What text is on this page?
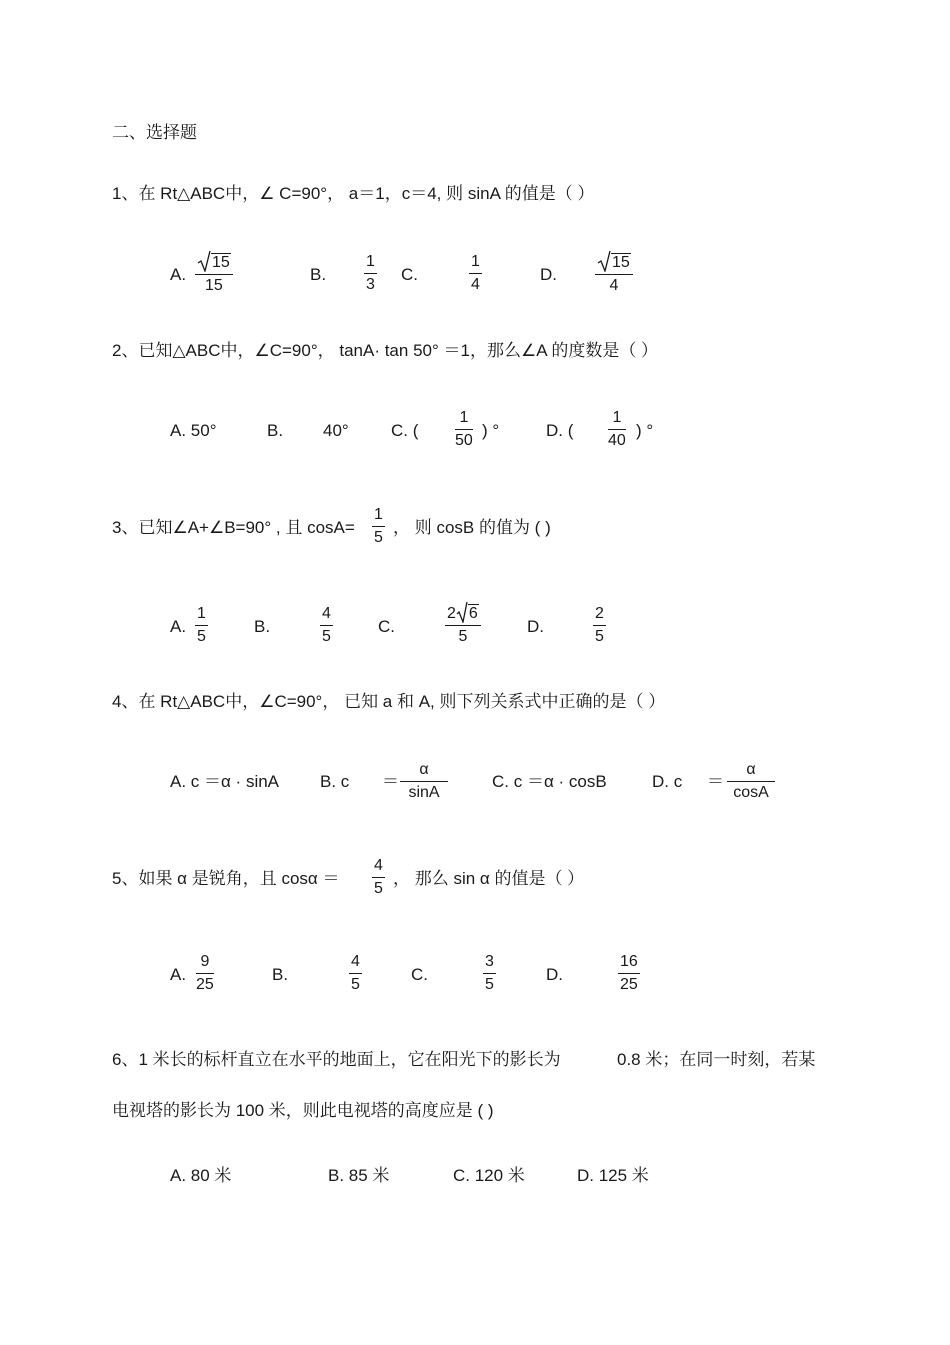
二、选择题
1、在 Rt△ABC中，∠ C=90°， a＝1，c＝4, 则 sinA 的值是（ ）
A.
15
15
B.
1
3
C.
1
4
D.
15
4
2、已知△ABC中，∠C=90°， tanA· tan 50° ＝1，那么∠A 的度数是（ ）
A. 50°	B. 40° C. (
1
50
) °	D. (
1
40
) °
3、已知∠A+∠B=90° , 且 cosA=
1
5
， 则 cosB 的值为 ( )
A.
1
5
B.
4
5
C.
2 6
5
D.
2
5
4、在 Rt△ABC中，∠C=90°， 已知 a 和 A, 则下列关系式中正确的是（ ）
A. c ＝α · sinA B. c ＝
α
sinA
C. c ＝α · cosB	D. c ＝
α
cosA
5、如果 α 是锐角，且 cosα ＝
4
5
， 那么 sin α 的值是（ ）
A.
9
25
B.
4
5
C.
3
5
D.
16
25
6、1 米长的标杆直立在水平的地面上，它在阳光下的影长为	0.8 米；在同一时刻，若某
电视塔的影长为 100 米，则此电视塔的高度应是 ( )
A. 80 米	B. 85 米	C. 120 米	D. 125 米
